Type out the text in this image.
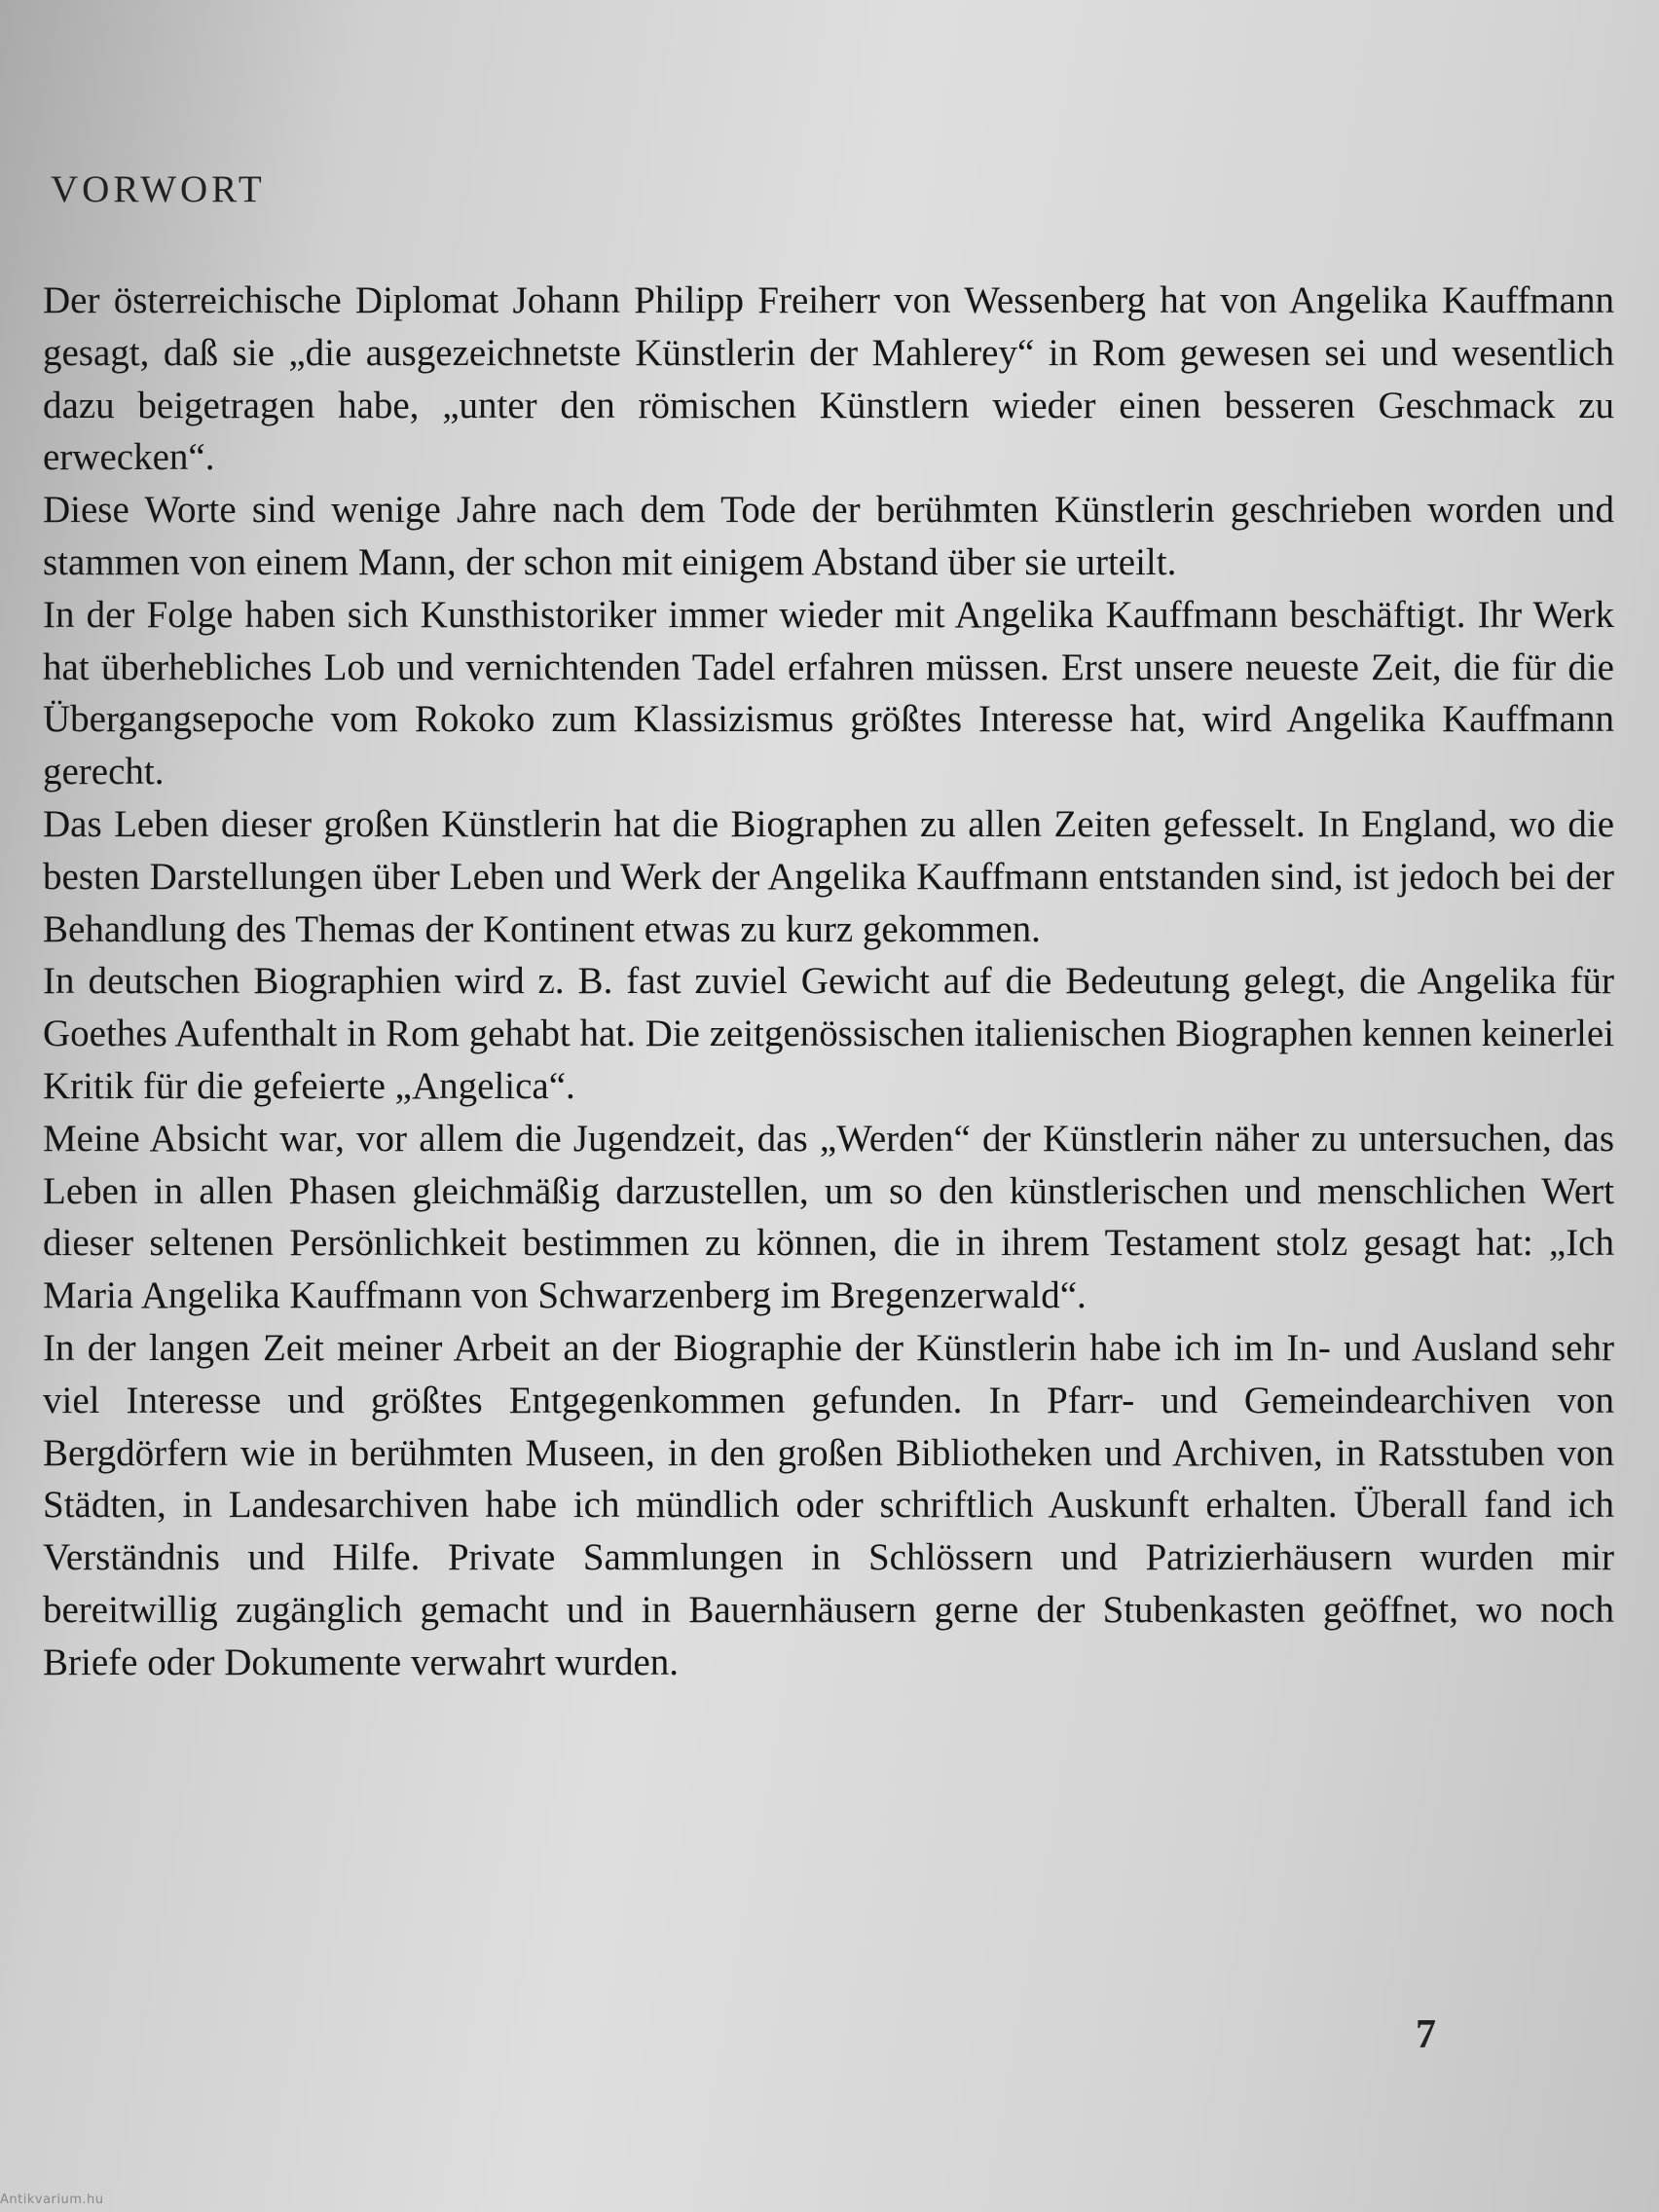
VORWORT

Der österreichische Diplomat Johann Philipp Freiherr von Wessenberg hat von Angelika Kauffmann gesagt, daß sie „die ausgezeichnetste Künstlerin der Mahlerey“ in Rom gewesen sei und wesentlich dazu beigetragen habe, „unter den römischen Künstlern wieder einen besseren Geschmack zu erwecken“.

Diese Worte sind wenige Jahre nach dem Tode der berühmten Künstlerin geschrieben worden und stammen von einem Mann, der schon mit einigem Abstand über sie urteilt.

In der Folge haben sich Kunsthistoriker immer wieder mit Angelika Kauffmann beschäftigt. Ihr Werk hat überhebliches Lob und vernichtenden Tadel erfahren müssen. Erst unsere neueste Zeit, die für die Übergangsepoche vom Rokoko zum Klassizismus größtes Interesse hat, wird Angelika Kauffmann gerecht.

Das Leben dieser großen Künstlerin hat die Biographen zu allen Zeiten gefesselt. In England, wo die besten Darstellungen über Leben und Werk der Angelika Kauffmann entstanden sind, ist jedoch bei der Behandlung des Themas der Kontinent etwas zu kurz gekommen.

In deutschen Biographien wird z. B. fast zuviel Gewicht auf die Bedeutung gelegt, die Angelika für Goethes Aufenthalt in Rom gehabt hat. Die zeitgenössischen italienischen Biographen kennen keinerlei Kritik für die gefeierte „Angelica“.

Meine Absicht war, vor allem die Jugendzeit, das „Werden“ der Künstlerin näher zu untersuchen, das Leben in allen Phasen gleichmäßig darzustellen, um so den künstlerischen und menschlichen Wert dieser seltenen Persönlichkeit bestimmen zu können, die in ihrem Testament stolz gesagt hat: „Ich Maria Angelika Kauffmann von Schwarzenberg im Bregenzerwald“.

In der langen Zeit meiner Arbeit an der Biographie der Künstlerin habe ich im In- und Ausland sehr viel Interesse und größtes Entgegenkommen gefunden. In Pfarr- und Gemeindearchiven von Bergdörfern wie in berühmten Museen, in den großen Bibliotheken und Archiven, in Ratsstuben von Städten, in Landesarchiven habe ich mündlich oder schriftlich Auskunft erhalten. Überall fand ich Verständnis und Hilfe. Private Sammlungen in Schlössern und Patrizierhäusern wurden mir bereitwillig zugänglich gemacht und in Bauernhäusern gerne der Stubenkasten geöffnet, wo noch Briefe oder Dokumente verwahrt wurden.

7
Antikvarium.hu
